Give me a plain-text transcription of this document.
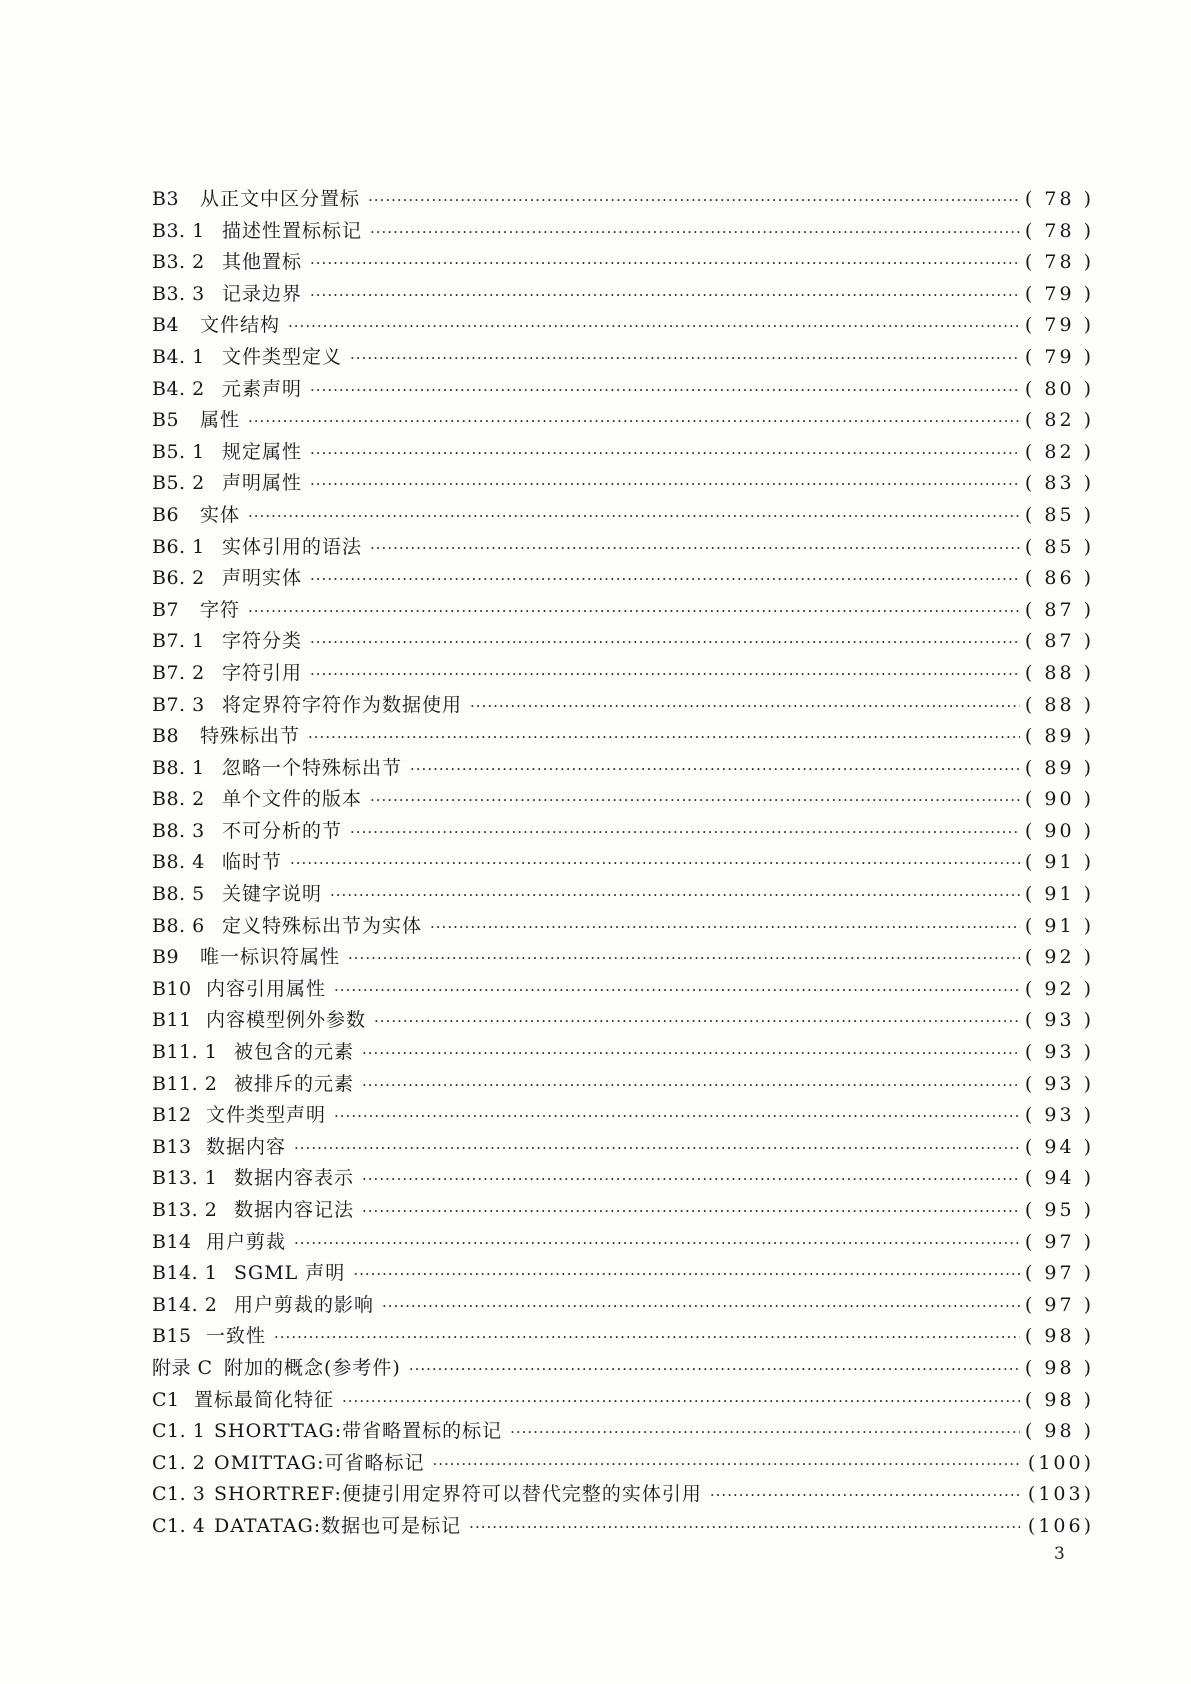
B3	从正文中区分置标 ·····	( 78 )
B3. 1 描述性置标标记 ·····	( 78 )
B3. 2 其他置标 ·····	( 78 )
B3. 3 记录边界 ·····	( 79 )
B4	文件结构 ·····	( 79 )
B4. 1 文件类型定义 ·····	( 79 )
B4. 2 元素声明 ·····	( 80 )
B5	属性 ·····	( 82 )
B5. 1 规定属性 ·····	( 82 )
B5. 2 声明属性 ·····	( 83 )
B6	实体 ·····	( 85 )
B6. 1 实体引用的语法 ·····	( 85 )
B6. 2 声明实体 ·····	( 86 )
B7	字符 ·····	( 87 )
B7. 1 字符分类 ·····	( 87 )
B7. 2 字符引用 ·····	( 88 )
B7. 3 将定界符字符作为数据使用 ·····	( 88 )
B8	特殊标出节 ·····	( 89 )
B8. 1 忽略一个特殊标出节 ·····	( 89 )
B8. 2 单个文件的版本 ·····	( 90 )
B8. 3 不可分析的节 ·····	( 90 )
B8. 4 临时节 ·····	( 91 )
B8. 5 关键字说明 ·····	( 91 )
B8. 6 定义特殊标出节为实体 ·····	( 91 )
B9	唯一标识符属性 ·····	( 92 )
B10 内容引用属性 ·····	( 92 )
B11 内容模型例外参数 ·····	( 93 )
B11. 1 被包含的元素 ·····	( 93 )
B11. 2 被排斥的元素 ·····	( 93 )
B12 文件类型声明 ·····	( 93 )
B13 数据内容 ·····	( 94 )
B13. 1 数据内容表示 ·····	( 94 )
B13. 2 数据内容记法 ·····	( 95 )
B14 用户剪裁 ·····	( 97 )
B14. 1 SGML 声明 ·····	( 97 )
B14. 2 用户剪裁的影响 ·····	( 97 )
B15 一致性 ·····	( 98 )
附录 C 附加的概念(参考件) ·····	( 98 )
C1 置标最简化特征 ·····	( 98 )
C1. 1 SHORTTAG:带省略置标的标记 ·····	( 98 )
C1. 2 OMITTAG:可省略标记 ·····	(100)
C1. 3 SHORTREF:便捷引用定界符可以替代完整的实体引用 ·····	(103)
C1. 4 DATATAG:数据也可是标记 ·····	(106)
3
